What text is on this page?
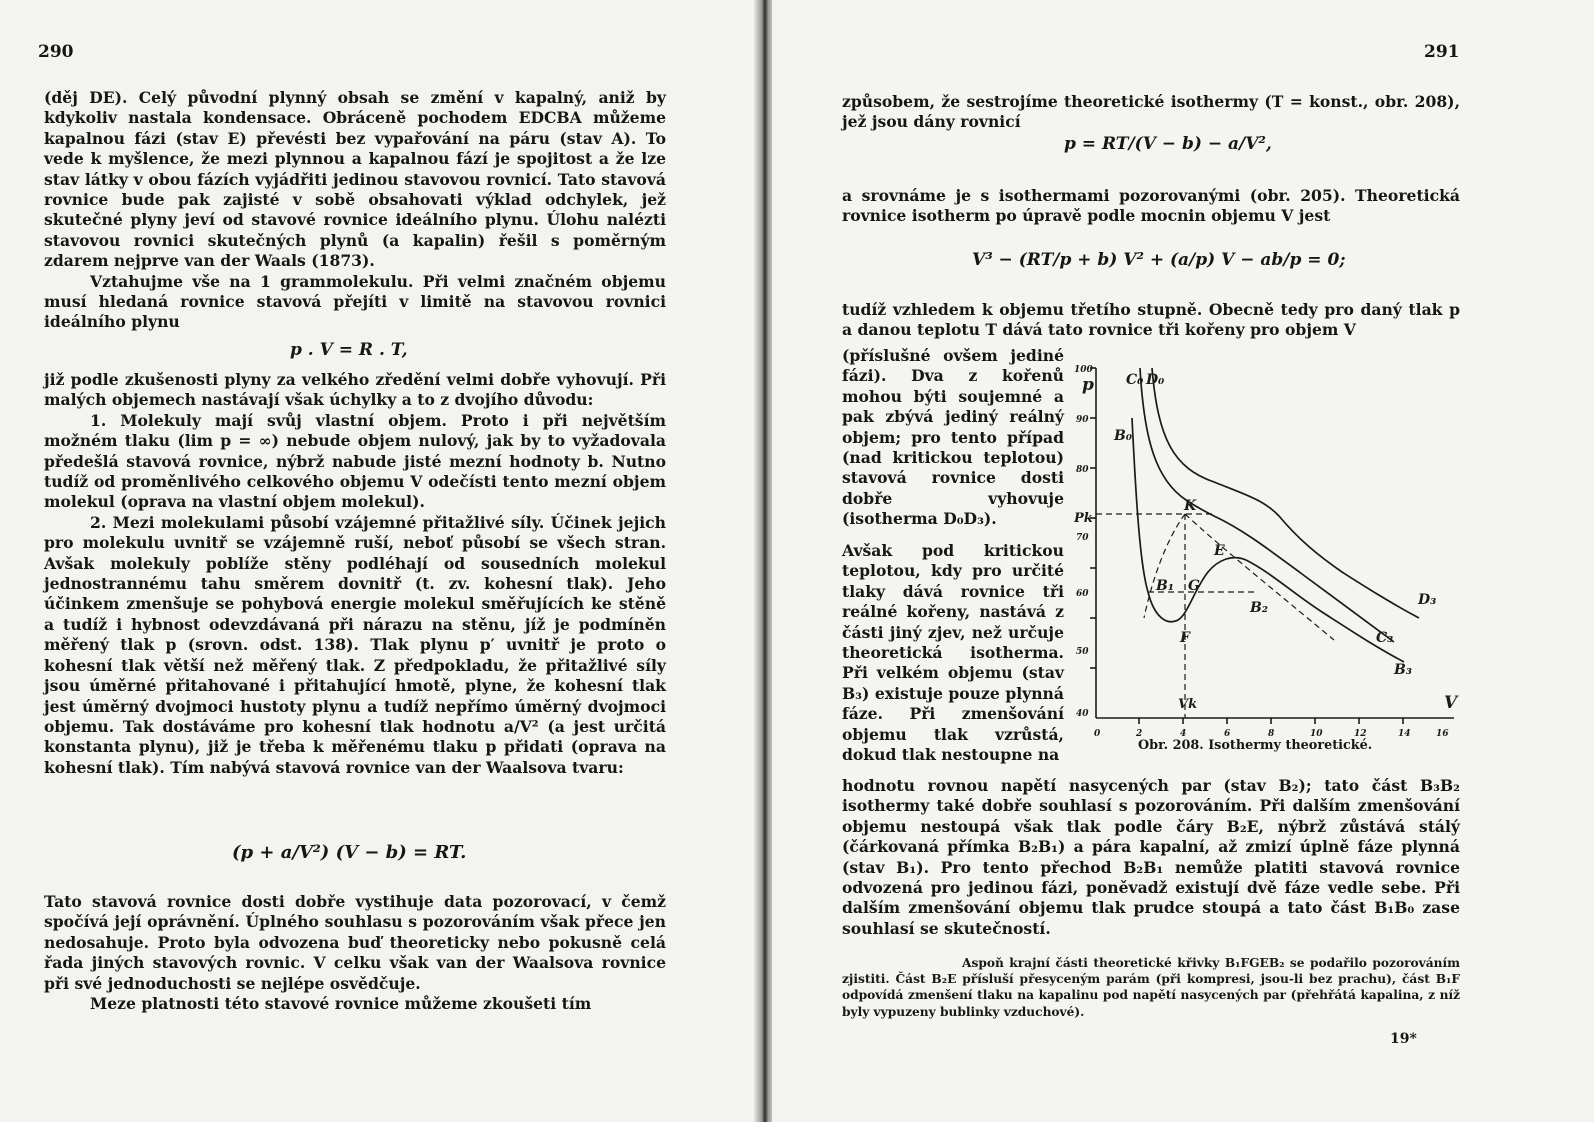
290

(děj DE). Celý původní plynný obsah se změní v kapalný, aniž by kdykoliv nastala kondensace. Obráceně pochodem EDCBA můžeme kapalnou fázi (stav E) převésti bez vypařování na páru (stav A). To vede k myšlence, že mezi plynnou a kapalnou fází je spojitost a že lze stav látky v obou fázích vyjádřiti jedinou stavovou rovnicí. Tato stavová rovnice bude pak zajisté v sobě obsahovati výklad odchylek, jež skutečné plyny jeví od stavové rovnice ideálního plynu. Úlohu nalézti stavovou rovnici skutečných plynů (a kapalin) řešil s poměrným zdarem nejprve van der Waals (1873).

Vztahujme vše na 1 grammolekulu. Při velmi značném objemu musí hledaná rovnice stavová přejíti v limitě na stavovou rovnici ideálního plynu

p . V = R . T,

již podle zkušenosti plyny za velkého zředění velmi dobře vyhovují. Při malých objemech nastávají však úchylky a to z dvojího důvodu:

1. Molekuly mají svůj vlastní objem. Proto i při největším možném tlaku (lim p = ∞) nebude objem nulový, jak by to vyžadovala předešlá stavová rovnice, nýbrž nabude jisté mezní hodnoty b. Nutno tudíž od proměnlivého celkového objemu V odečísti tento mezní objem molekul (oprava na vlastní objem molekul).

2. Mezi molekulami působí vzájemné přitažlivé síly. Účinek jejich pro molekulu uvnitř se vzájemně ruší, neboť působí se všech stran. Avšak molekuly poblíže stěny podléhají od sousedních molekul jednostrannému tahu směrem dovnitř (t. zv. kohesní tlak). Jeho účinkem zmenšuje se pohybová energie molekul směřujících ke stěně a tudíž i hybnost odevzdávaná při nárazu na stěnu, jíž je podmíněn měřený tlak p (srovn. odst. 138). Tlak plynu p′ uvnitř je proto o kohesní tlak větší než měřený tlak. Z předpokladu, že přitažlivé síly jsou úměrné přitahované i přitahující hmotě, plyne, že kohesní tlak jest úměrný dvojmoci hustoty plynu a tudíž nepřímo úměrný dvojmoci objemu. Tak dostáváme pro kohesní tlak hodnotu a/V² (a jest určitá konstanta plynu), již je třeba k měřenému tlaku p přidati (oprava na kohesní tlak). Tím nabývá stavová rovnice van der Waalsova tvaru:

(p + a/V²) (V − b) = RT.

Tato stavová rovnice dosti dobře vystihuje data pozorovací, v čemž spočívá její oprávnění. Úplného souhlasu s pozorováním však přece jen nedosahuje. Proto byla odvozena buď theoreticky nebo pokusně celá řada jiných stavových rovnic. V celku však van der Waalsova rovnice při své jednoduchosti se nejlépe osvědčuje.

Meze platnosti této stavové rovnice můžeme zkoušeti tím

291
způsobem, že sestrojíme theoretické isothermy (T = konst., obr. 208), jež jsou dány rovnicí
p = RT/(V − b) − a/V²,
a srovnáme je s isothermami pozorovanými (obr. 205). Theoretická rovnice isotherm po úpravě podle mocnin objemu V jest
V³ − (RT/p + b) V² + (a/p) V − ab/p = 0;
tudíž vzhledem k objemu třetího stupně. Obecně tedy pro daný tlak p a danou teplotu T dává tato rovnice tři kořeny pro objem V
(příslušné ovšem jediné fázi). Dva z kořenů mohou býti soujemné a pak zbývá jediný reálný objem; pro tento případ (nad kritickou teplotou) stavová rovnice dosti dobře vyhovuje (isotherma D₀D₃).
Avšak pod kritickou teplotou, kdy pro určité tlaky dává rovnice tři reálné kořeny, nastává z části jiný zjev, než určuje theoretická isotherma. Při velkém objemu (stav B₃) existuje pouze plynná fáze. Při zmenšování objemu tlak vzrůstá, dokud tlak nestoupne na
p
V
100
90
80
70
60
50
40
0	2	4	6	8	10	12	14	16
Pk
Vk
C₀ D₀
B₀
K
E
B₁ G
B₂
F
D₃
C₃
B₃
Obr. 208. Isothermy theoretické.
hodnotu rovnou napětí nasycených par (stav B₂); tato část B₃B₂ isothermy také dobře souhlasí s pozorováním. Při dalším zmenšování objemu nestoupá však tlak podle čáry B₂E, nýbrž zůstává stálý (čárkovaná přímka B₂B₁) a pára kapalní, až zmizí úplně fáze plynná (stav B₁). Pro tento přechod B₂B₁ nemůže platiti stavová rovnice odvozená pro jedinou fázi, poněvadž existují dvě fáze vedle sebe. Při dalším zmenšování objemu tlak prudce stoupá a tato část B₁B₀ zase souhlasí se skutečností.
Aspoň krajní části theoretické křivky B₁FGEB₂ se podařilo pozorováním zjistiti. Část B₂E přísluší přesyceným parám (při kompresi, jsou-li bez prachu), část B₁F odpovídá zmenšení tlaku na kapalinu pod napětí nasycených par (přehřátá kapalina, z níž byly vypuzeny bublinky vzduchové).
19*
